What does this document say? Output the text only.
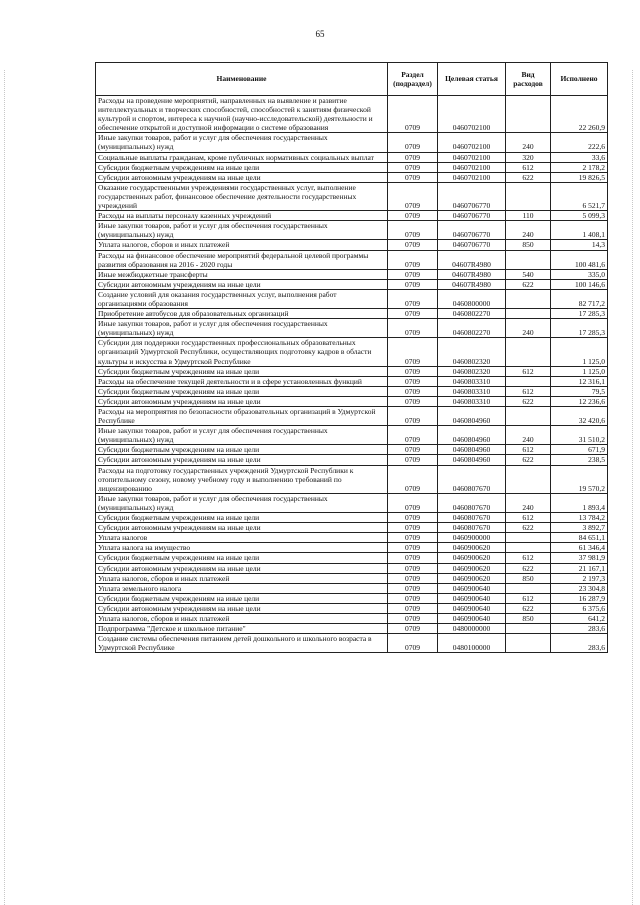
65
Наименование	Раздел (подраздел)	Целевая статья	Вид расходов	Исполнено
Расходы на проведение мероприятий, направленных на выявление и развитие интеллектуальных и творческих способностей, способностей к занятиям физической культурой и спортом, интереса к научной (научно-исследовательской) деятельности и обеспечение открытой и доступной информации о системе образования	0709	0460702100		22 260,9
Иные закупки товаров, работ и услуг для обеспечения государственных (муниципальных) нужд	0709	0460702100	240	222,6
Социальные выплаты гражданам, кроме публичных нормативных социальных выплат	0709	0460702100	320	33,6
Субсидии бюджетным учреждениям на иные цели	0709	0460702100	612	2 178,2
Субсидии автономным учреждениям на иные цели	0709	0460702100	622	19 826,5
Оказание государственными учреждениями государственных услуг, выполнение государственных работ, финансовое обеспечение деятельности государственных учреждений	0709	0460706770		6 521,7
Расходы на выплаты персоналу казенных учреждений	0709	0460706770	110	5 099,3
Иные закупки товаров, работ и услуг для обеспечения государственных (муниципальных) нужд	0709	0460706770	240	1 408,1
Уплата налогов, сборов и иных платежей	0709	0460706770	850	14,3
Расходы на финансовое обеспечение мероприятий федеральной целевой программы развития образования на 2016 - 2020 годы	0709	04607R4980		100 481,6
Иные межбюджетные трансферты	0709	04607R4980	540	335,0
Субсидии автономным учреждениям на иные цели	0709	04607R4980	622	100 146,6
Создание условий для оказания государственных услуг, выполнения работ организациями образования	0709	0460800000		82 717,2
Приобретение автобусов для образовательных организаций	0709	0460802270		17 285,3
Иные закупки товаров, работ и услуг для обеспечения государственных (муниципальных) нужд	0709	0460802270	240	17 285,3
Субсидии для поддержки государственных профессиональных образовательных организаций Удмуртской Республики, осуществляющих подготовку кадров в области культуры и искусства в Удмуртской Республике	0709	0460802320		1 125,0
Субсидии бюджетным учреждениям на иные цели	0709	0460802320	612	1 125,0
Расходы на обеспечение текущей деятельности и в сфере установленных функций	0709	0460803310		12 316,1
Субсидии бюджетным учреждениям на иные цели	0709	0460803310	612	79,5
Субсидии автономным учреждениям на иные цели	0709	0460803310	622	12 236,6
Расходы на мероприятия по безопасности образовательных организаций в Удмуртской Республике	0709	0460804960		32 420,6
Иные закупки товаров, работ и услуг для обеспечения государственных (муниципальных) нужд	0709	0460804960	240	31 510,2
Субсидии бюджетным учреждениям на иные цели	0709	0460804960	612	671,9
Субсидии автономным учреждениям на иные цели	0709	0460804960	622	238,5
Расходы на подготовку государственных учреждений Удмуртской Республики к отопительному сезону, новому учебному году и выполнению требований по лицензированию	0709	0460807670		19 570,2
Иные закупки товаров, работ и услуг для обеспечения государственных (муниципальных) нужд	0709	0460807670	240	1 893,4
Субсидии бюджетным учреждениям на иные цели	0709	0460807670	612	13 784,2
Субсидии автономным учреждениям на иные цели	0709	0460807670	622	3 892,7
Уплата налогов	0709	0460900000		84 651,1
Уплата налога на имущество	0709	0460900620		61 346,4
Субсидии бюджетным учреждениям на иные цели	0709	0460900620	612	37 981,9
Субсидии автономным учреждениям на иные цели	0709	0460900620	622	21 167,1
Уплата налогов, сборов и иных платежей	0709	0460900620	850	2 197,3
Уплата земельного налога	0709	0460900640		23 304,8
Субсидии бюджетным учреждениям на иные цели	0709	0460900640	612	16 287,9
Субсидии автономным учреждениям на иные цели	0709	0460900640	622	6 375,6
Уплата налогов, сборов и иных платежей	0709	0460900640	850	641,2
Подпрограмма "Детское и школьное питание"	0709	0480000000		283,6
Создание системы обеспечения питанием детей дошкольного и школьного возраста в Удмуртской Республике	0709	0480100000		283,6
